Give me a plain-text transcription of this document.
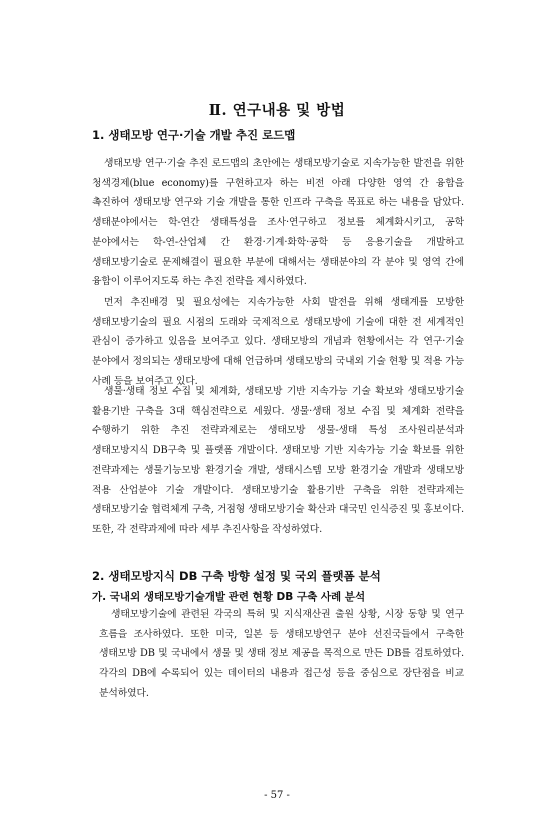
Ⅱ. 연구내용 및 방법
1. 생태모방 연구·기술 개발 추진 로드맵
생태모방 연구·기술 추진 로드맵의 초안에는 생태모방기술로 지속가능한 발전을 위한 청색경제(blue economy)를 구현하고자 하는 비전 아래 다양한 영역 간 융합을 촉진하여 생태모방 연구와 기술 개발을 통한 인프라 구축을 목표로 하는 내용을 담았다. 생태분야에서는 학-연간 생태특성을 조사·연구하고 정보를 체계화시키고, 공학 분야에서는 학-연-산업체 간 환경·기계·화학·공학 등 응용기술을 개발하고 생태모방기술로 문제해결이 필요한 부분에 대해서는 생태분야의 각 분야 및 영역 간에 융합이 이루어지도록 하는 추진 전략을 제시하였다.
먼저 추진배경 및 필요성에는 지속가능한 사회 발전을 위해 생태계를 모방한 생태모방기술의 필요 시점의 도래와 국제적으로 생태모방에 기술에 대한 전 세계적인 관심이 증가하고 있음을 보여주고 있다. 생태모방의 개념과 현황에서는 각 연구·기술 분야에서 정의되는 생태모방에 대해 언급하며 생태모방의 국내외 기술 현황 및 적용 가능 사례 등을 보여주고 있다.
생물·생태 정보 수집 및 체계화, 생태모방 기반 지속가능 기술 확보와 생태모방기술 활용기반 구축을 3대 핵심전략으로 세웠다. 생물·생태 정보 수집 및 체계화 전략을 수행하기 위한 추진 전략과제로는 생태모방 생물-생태 특성 조사원리분석과 생태모방지식 DB구축 및 플랫폼 개발이다. 생태모방 기반 지속가능 기술 확보를 위한 전략과제는 생물기능모방 환경기술 개발, 생태시스템 모방 환경기술 개발과 생태모방 적용 산업분야 기술 개발이다. 생태모방기술 활용기반 구축을 위한 전략과제는 생태모방기술 협력체계 구축, 거점형 생태모방기술 확산과 대국민 인식증진 및 홍보이다. 또한, 각 전략과제에 따라 세부 추진사항을 작성하였다.
2. 생태모방지식 DB 구축 방향 설정 및 국외 플랫폼 분석
가. 국내외 생태모방기술개발 관련 현황 DB 구축 사례 분석
생태모방기술에 관련된 각국의 특허 및 지식재산권 출원 상황, 시장 동향 및 연구 흐름을 조사하였다. 또한 미국, 일본 등 생태모방연구 분야 선진국들에서 구축한 생태모방 DB 및 국내에서 생물 및 생태 정보 제공을 목적으로 만든 DB를 검토하였다. 각각의 DB에 수록되어 있는 데이터의 내용과 접근성 등을 중심으로 장단점을 비교 분석하였다.
- 57 -
